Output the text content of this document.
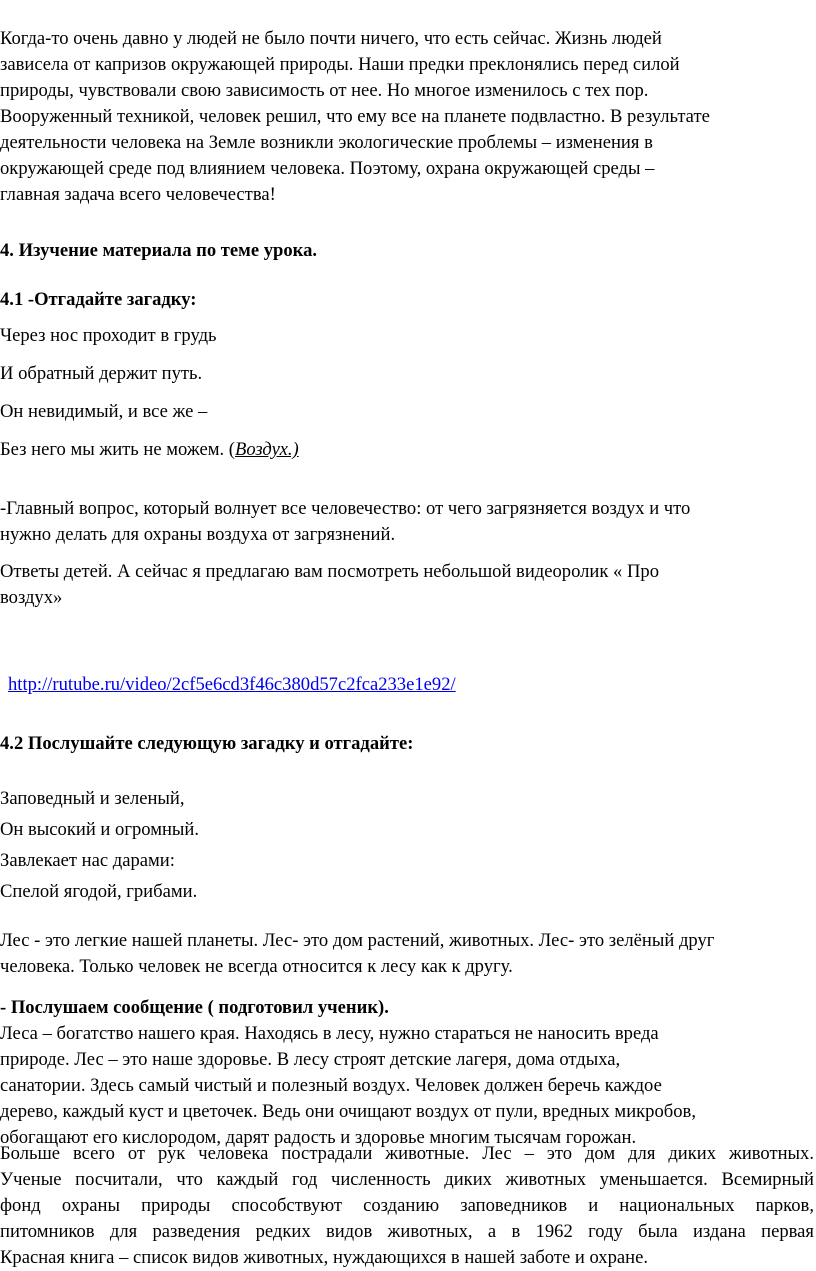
Когда-то очень давно у людей не было почти ничего, что есть сейчас. Жизнь людей
зависела от капризов окружающей природы. Наши предки преклонялись перед силой
природы, чувствовали свою зависимость от нее. Но многое изменилось с тех пор.
Вооруженный техникой, человек решил, что ему все на планете подвластно. В результате
деятельности человека на Земле возникли экологические проблемы – изменения в
окружающей среде под влиянием человека. Поэтому, охрана окружающей среды –
главная задача всего человечества!
4. Изучение материала по теме урока.
4.1 -Отгадайте загадку:
Через нос проходит в грудь
И обратный держит путь.
Он невидимый, и все же –
Без него мы жить не можем. (Воздух.)
-Главный вопрос, который волнует все человечество: от чего загрязняется воздух и что
нужно делать для охраны воздуха от загрязнений.
Ответы детей. А сейчас я предлагаю вам посмотреть небольшой видеоролик « Про
воздух»
http://rutube.ru/video/2cf5e6cd3f46c380d57c2fca233e1e92/
4.2 Послушайте следующую загадку и отгадайте:
Заповедный и зеленый,
Он высокий и огромный.
Завлекает нас дарами:
Спелой ягодой, грибами.
Лес - это легкие нашей планеты. Лес- это дом растений, животных. Лес- это зелёный друг
человека. Только человек не всегда относится к лесу как к другу.
- Послушаем сообщение ( подготовил ученик).
Леса – богатство нашего края. Находясь в лесу, нужно стараться не наносить вреда
природе. Лес – это наше здоровье. В лесу строят детские лагеря, дома отдыха,
санатории. Здесь самый чистый и полезный воздух. Человек должен беречь каждое
дерево, каждый куст и цветочек. Ведь они очищают воздух от пули, вредных микробов,
обогащают его кислородом, дарят радость и здоровье многим тысячам горожан.
Больше всего от рук человека пострадали животные. Лес – это дом для диких животных.
Ученые посчитали, что каждый год численность диких животных уменьшается. Всемирный
фонд охраны природы способствуют созданию заповедников и национальных парков,
питомников для разведения редких видов животных, а в 1962 году была издана первая
Красная книга – список видов животных, нуждающихся в нашей заботе и охране.
